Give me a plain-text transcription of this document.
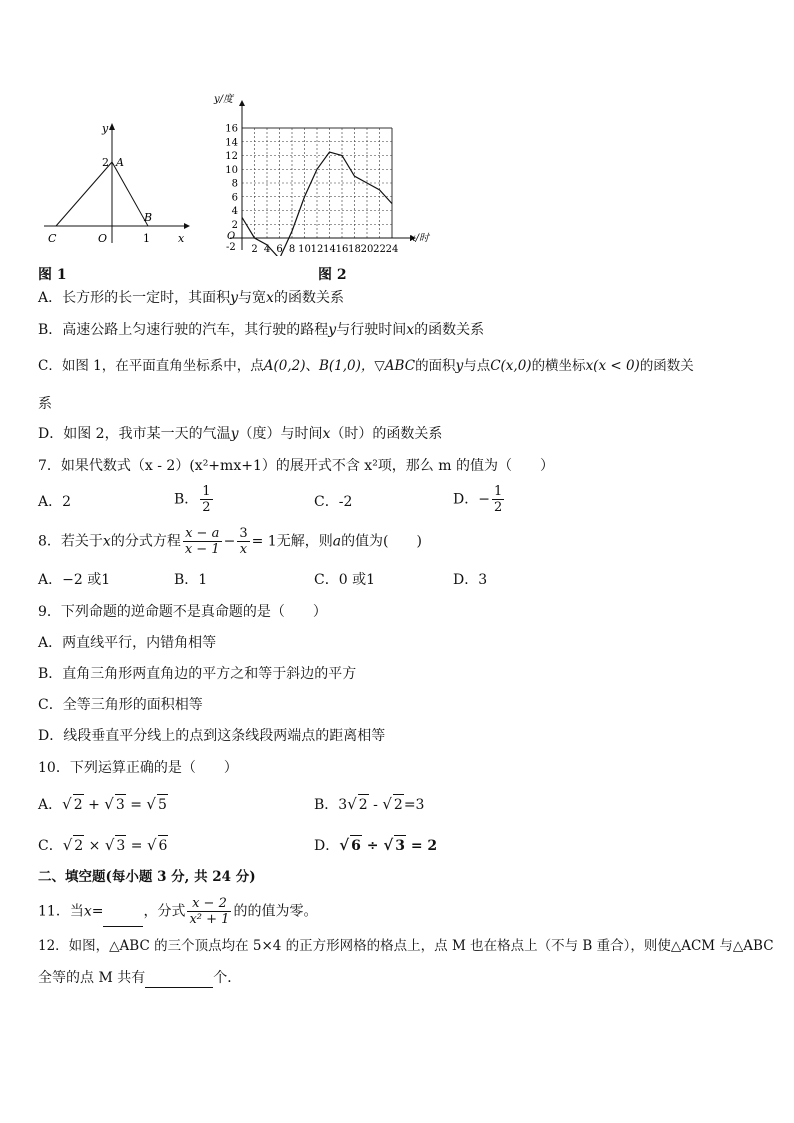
y
x
2 A
B
C	O	1
图 1
16
14
12
10
8
6
4
2
2 4 6 8 10 12 14 16 18 20 22 24
y/度
x/时
O
-2
图 2
A．长方形的长一定时，其面积y与宽x的函数关系
B．高速公路上匀速行驶的汽车，其行驶的路程y与行驶时间x的函数关系
C．如图 1，在平面直角坐标系中，点A(0,2)、B(1,0)，▽ABC的面积y与点C(x,0)的横坐标x(x < 0)的函数关
系
D．如图 2，我市某一天的气温y（度）与时间x（时）的函数关系
7．如果代数式（x - 2）(x²+mx+1）的展开式不含 x²项，那么 m 的值为（　　）
A．2	B． $\frac{1}{2}$	C．-2	D．− $\frac{1}{2}$
8．若关于x的分式方程 $\frac{x - a}{x - 1} - \frac{3}{x} = 1$无解，则a的值为(　　)
A．−2 或1	B．1	C．0 或1	D．3
9．下列命题的逆命题不是真命题的是（　　）
A．两直线平行，内错角相等
B．直角三角形两直角边的平方之和等于斜边的平方
C．全等三角形的面积相等
D．线段垂直平分线上的点到这条线段两端点的距离相等
10．下列运算正确的是（　　）
A．√ 2 + √ 3 = √ 5	B．3√ 2 - √ 2=3
C．√ 2 × √ 3 = √ 6	D．√ 6 ÷ √ 3 = 2
二、填空题(每小题 3 分, 共 24 分)
11．当x=	，分式 $\frac{x - 2}{\text{x² + 1}}$ 的的值为零。
12．如图，△ABC 的三个顶点均在 5×4 的正方形网格的格点上，点 M 也在格点上（不与 B 重合），则使△ACM 与△ABC
全等的点 M 共有	个．
